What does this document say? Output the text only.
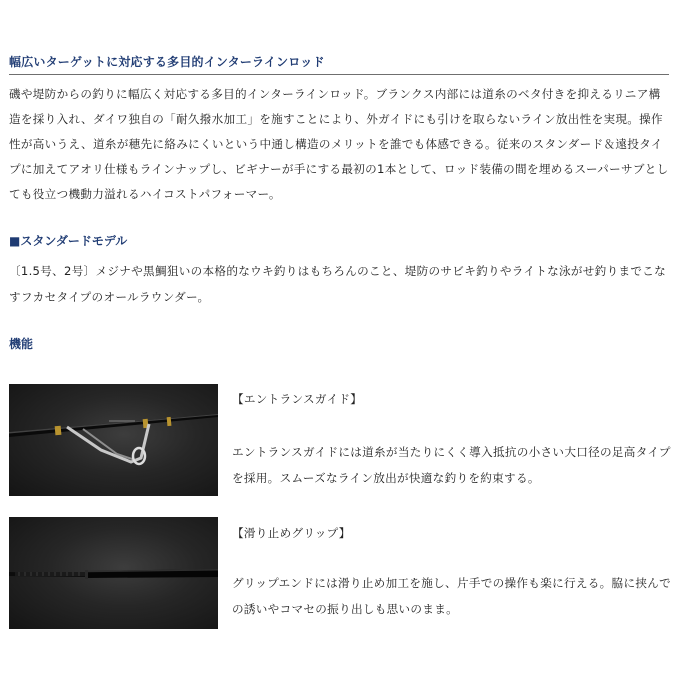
幅広いターゲットに対応する多目的インターラインロッド

磯や堤防からの釣りに幅広く対応する多目的インターラインロッド。ブランクス内部には道糸のベタ付きを抑えるリニア構造を採り入れ、ダイワ独自の「耐久撥水加工」を施すことにより、外ガイドにも引けを取らないライン放出性を実現。操作性が高いうえ、道糸が穂先に絡みにくいという中通し構造のメリットを誰でも体感できる。従来のスタンダード＆遠投タイプに加えてアオリ仕様もラインナップし、ビギナーが手にする最初の1本として、ロッド装備の間を埋めるスーパーサブとしても役立つ機動力溢れるハイコストパフォーマー。

■スタンダードモデル

〔1.5号、2号〕メジナや黒鯛狙いの本格的なウキ釣りはもちろんのこと、堤防のサビキ釣りやライトな泳がせ釣りまでこなすフカセタイプのオールラウンダー。

機能
【エントランスガイド】

エントランスガイドには道糸が当たりにくく導入抵抗の小さい大口径の足高タイプを採用。スムーズなライン放出が快適な釣りを約束する。

【滑り止めグリップ】

グリップエンドには滑り止め加工を施し、片手での操作も楽に行える。脇に挟んでの誘いやコマセの振り出しも思いのまま。
